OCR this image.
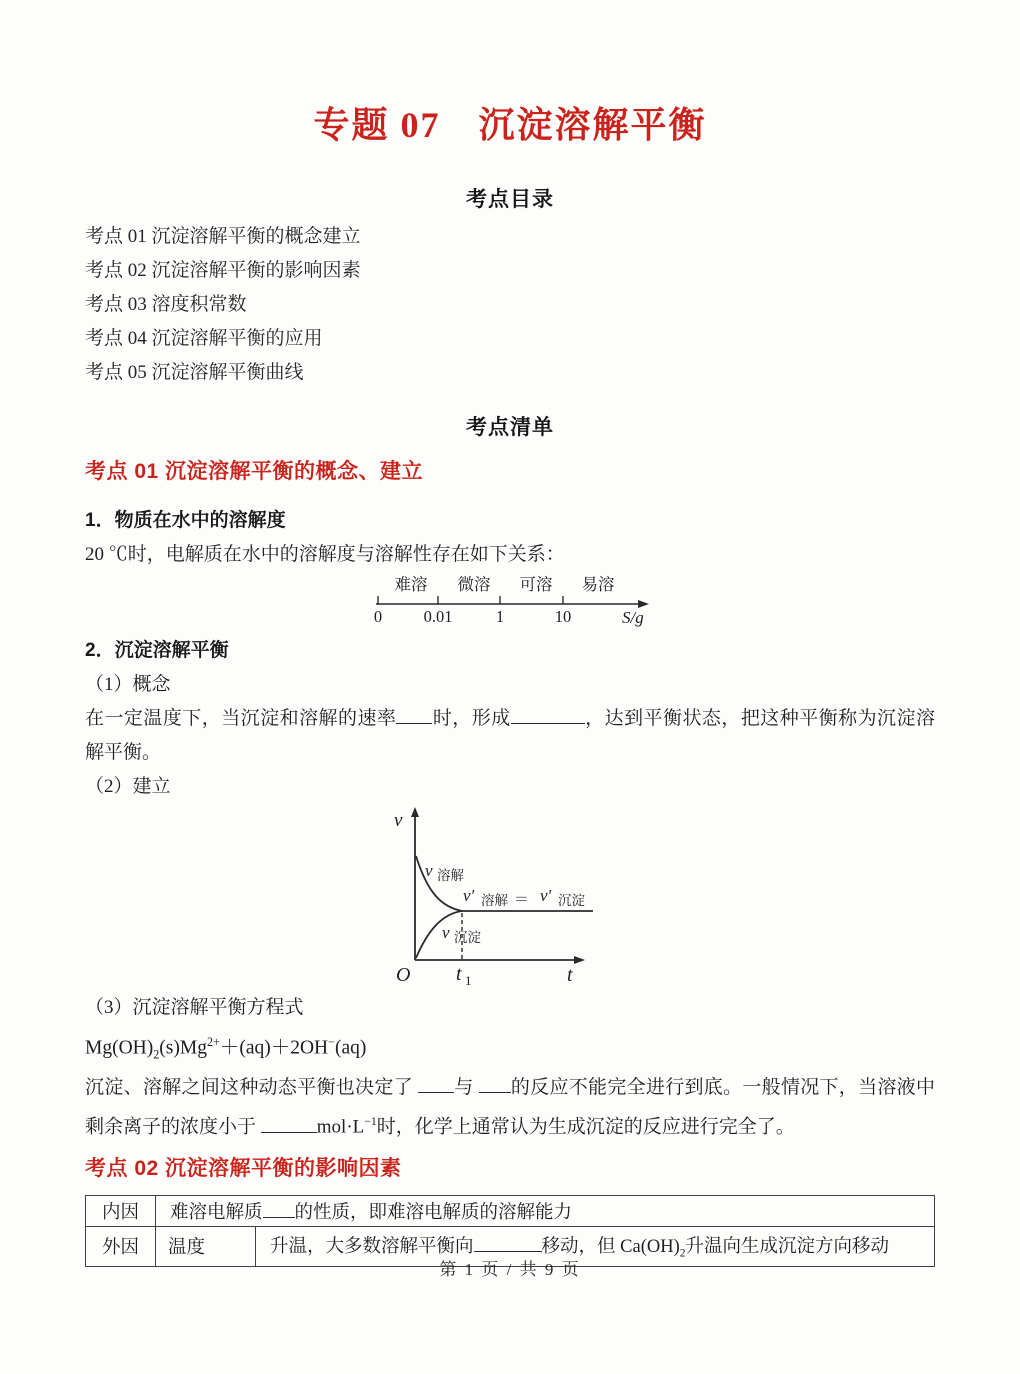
专题 07　沉淀溶解平衡
考点目录
考点 01 沉淀溶解平衡的概念建立
考点 02 沉淀溶解平衡的影响因素
考点 03 溶度积常数
考点 04 沉淀溶解平衡的应用
考点 05 沉淀溶解平衡曲线
考点清单
考点 01 沉淀溶解平衡的概念、建立

1．物质在水中的溶解度

20 ℃时，电解质在水中的溶解度与溶解性存在如下关系：

难溶 微溶 可溶 易溶
0	0.01	1	10	S/g

2．沉淀溶解平衡

（1）概念

在一定温度下，当沉淀和溶解的速率 时，形成	，达到平衡状态，把这种平衡称为沉淀溶解平衡。

（2）建立

v
O t 1	t
v 溶解
v′ 溶解 ＝ v′ 沉淀
v 沉淀

（3）沉淀溶解平衡方程式

$Mg(OH)_2(s)Mg^{2+}+(aq)+2OH^-(aq)$

沉淀、溶解之间这种动态平衡也决定了 与 的反应不能完全进行到底。一般情况下，当溶液中剩余离子的浓度小于	$mol\cdot L^{-1}$时，化学上通常认为生成沉淀的反应进行完全了。

考点 02 沉淀溶解平衡的影响因素
内因	难溶电解质 的性质，即难溶电解质的溶解能力	
外因	温度	升温，大多数溶解平衡向 移动，但 $Ca(OH)_2$升温向生成沉淀方向移动
第 1 页 / 共 9 页
